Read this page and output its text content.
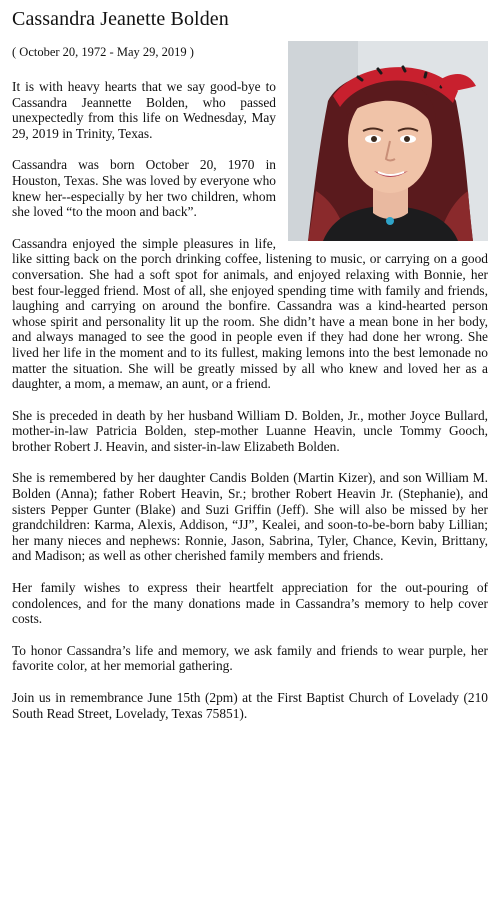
Cassandra Jeanette Bolden
( October 20, 1972 - May 29, 2019 )

It is with heavy hearts that we say good-bye to Cassandra Jeannette Bolden, who passed unexpectedly from this life on Wednesday, May 29, 2019 in Trinity, Texas.

Cassandra was born October 20, 1970 in Houston, Texas. She was loved by everyone who knew her--especially by her two children, whom she loved “to the moon and back”.

Cassandra enjoyed the simple pleasures in life, like sitting back on the porch drinking coffee, listening to music, or carrying on a good conversation. She had a soft spot for animals, and enjoyed relaxing with Bonnie, her best four-legged friend. Most of all, she enjoyed spending time with family and friends, laughing and carrying on around the bonfire. Cassandra was a kind-hearted person whose spirit and personality lit up the room. She didn’t have a mean bone in her body, and always managed to see the good in people even if they had done her wrong. She lived her life in the moment and to its fullest, making lemons into the best lemonade no matter the situation. She will be greatly missed by all who knew and loved her as a daughter, a mom, a memaw, an aunt, or a friend.

She is preceded in death by her husband William D. Bolden, Jr., mother Joyce Bullard, mother-in-law Patricia Bolden, step-mother Luanne Heavin, uncle Tommy Gooch, brother Robert J. Heavin, and sister-in-law Elizabeth Bolden.

She is remembered by her daughter Candis Bolden (Martin Kizer), and son William M. Bolden (Anna); father Robert Heavin, Sr.; brother Robert Heavin Jr. (Stephanie), and sisters Pepper Gunter (Blake) and Suzi Griffin (Jeff). She will also be missed by her grandchildren: Karma, Alexis, Addison, “JJ”, Kealei, and soon-to-be-born baby Lillian; her many nieces and nephews: Ronnie, Jason, Sabrina, Tyler, Chance, Kevin, Brittany, and Madison; as well as other cherished family members and friends.

Her family wishes to express their heartfelt appreciation for the out-pouring of condolences, and for the many donations made in Cassandra’s memory to help cover costs.

To honor Cassandra’s life and memory, we ask family and friends to wear purple, her favorite color, at her memorial gathering.

Join us in remembrance June 15th (2pm) at the First Baptist Church of Lovelady (210 South Read Street, Lovelady, Texas 75851).
